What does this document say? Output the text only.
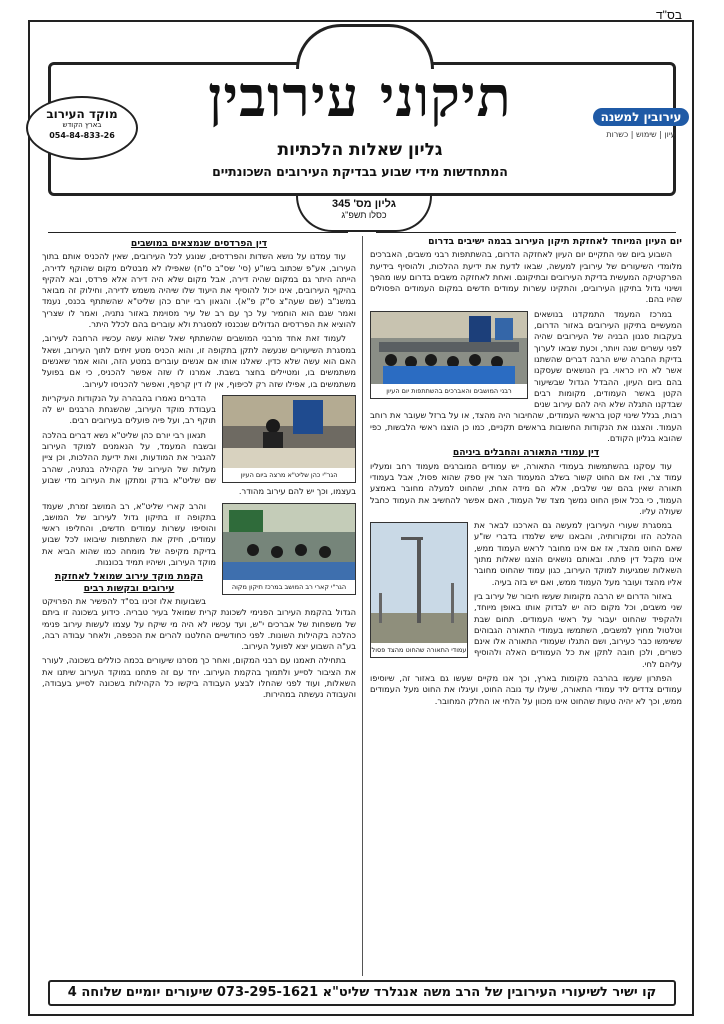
בס"ד
מוקד העירוב
בארץ הקודש
054-84-833-26
עירובין למשנה
עיון | שימוש | כשרות
תיקוני עירובין
גליון שאלות הלכתיות
המתחדשות מידי שבוע בבדיקת העירובים השכונתיים
גליון מס' 345
כסלו תשפ"ג
יום העיון המיוחד לאחזקת תיקון העירוב בבמה ישיבים בדרום

השבוע ביום שני התקיים יום העיון לאחזקה הדרום, בהשתתפות רבני משבים, האברכים מלומדי השיעורים של עירובין למעשה, שבאו לדעת את ידיעת ההלכות, ולהוסיף בידיעת הפרקטיקה המעשית בדיקת העירובים ובתיקונם. ואחת לאחזקה משבים בדרום עשו מהפך ושינוי גדול בתיקון העירובים, והתקינו עשרות עמודים חדשים במקום העמודים הפסולים שהיו בהם.

רבני המושבים והאברכים בהשתתפות יום העיון

במרכז המעמד התמקדנו בנושאים המעשיים בתיקון העירובים באזור הדרום, בעקבות סגנון הבניה של העירובים שהיה לפני עשרים שנה ויותר, וכעת שבאו לערוך בדיקת החברה שיש הרבה דברים שהשתנו אשר לא היו כראוי. בין הנושאים שעסקנו בהם ביום העיון, ההבדל הגדול שבשיעור הקטן באשר העמודים, מקומות רבים שבדקנו התגלה שלא היה להם עירוב שנים רבות, בגלל שינוי קטן בראשי העמודים, שהחיבור היה מהצד, או על ברזל שעובר את רוחב העמוד. והצגנו את הנקודות החשובות בראשים תקניים, כמו כן הוצגו ראשי הלבשות, כפי שהובא בגליון הקודם.

דין עמודי התאורה והחבלים ביניהם

עוד עסקנו בהשתמשות בעמודי התאורה, יש עמודים המוברגים מעמוד רחב ומעליו עמוד צר, ואז אם החוט קשור בשלב המעמוד הצר אין ספק שהוא פסול, אבל בעמודי תאורה שאין בהם שני שלבים, אלא הם מידה אחת, שהחוט למעלה מחובר באמצע העמוד, כי בכל אופן החוט נמשך מצד של העמוד, האם אפשר להחשיב את העמוד כחבל שעולה עליו.

עמודי התאורה שהחוט מהצד פסול

במסגרת שעורי העירובין למעשה גם הארכנו לבאר את ההלכה הזו ומקורותיה, והבאנו שיש שלמדו בדברי שו"ע שאם החוט מהצד, אז אם אינו מחובר לראש העמוד ממש, אינו מקבל דין פתח. ובאותם נושאים הוצגו שאלות מתוך השאלות שמגיעות למוקד העירוב, כגון עמוד שהחוט מחובר אליו מהצד ועובר מעל העמוד ממש, ואם יש בזה בעיה.

באזור הדרום יש הרבה מקומות שעשו חיבור של עירוב בין שני משבים, וכל מקום כזה יש לבדוק אותו באופן מיוחד, ולהקפיד שהחוט יעבור על ראשי העמודים. תחום שבת וטלטול מחוץ למשבים, השתמשו בעמודי התאורה הגבוהים ששימשו כבר כעירוב, ושם התגלו שעמודי התאורה אלו אינם כשרים, ולכן חובה לתקן את כל העמודים האלה ולהוסיף עליהם לחי.

הפתרון שעשו בהרבה מקומות בארץ, וכך אנו מקיים שעשו גם באזור זה, שיוסיפו עמודים צדדים ליד עמודי התאורה, שיעלו עד גובה החוט, ועיגלו את החוט מעל העמודים ממש, וכך לא יהיה טעות שהחוט אינו מכוון על הלחי או החלק המחובר.

דין הפרדסים שנמצאים במושבים

עוד עמדנו על נושא השדות והפרדסים, שנוגע לכל העירובים, שאין להכניס אותם בתוך העירוב, אע"פ שכתוב בשו"ע (סי' שס"ב ס"ח) שאפילו לא מבטלים מקום שהוקף לדירה, הייתה היתר גם במקום שהיה דירה, אבל מקום שלא היה דירה אלא פרדס, ובא להקיף בהיקף העירובים, אינו יכול להוסיף את היעוד שלו שיהיה משמש לדירה, וחילוק זה מבואר במשנ"ב (שם שעה"צ ס"ק פ"א). והגאון רבי יורם כהן שליט"א שהשתתף בכנס, נעמד ואמר שגם הוא הוחמיר על כך עם רב של עיר מסוימת באזור נתניה, ואמר לו שצריך להוציא את הפרדסים הגדולים שנכנסו למסגרת ולא עוברים בהם לכלל היתר.

לעמוד זאת אחד מרבני המושבים שהשתתף שאל שהוא עשה עכשיו הרחבה לעירוב, במסגרת השיעורים שנעשה לתקן בתקופה זו, והוא הכניס מטע זיתים לתוך העירוב, ושאל האם הוא עשה שלא כדין. שאלנו אותו אם אנשים עוברים במטע הזה, והוא אמר שאנשים משתמשים בו, ומטיילים בחצר בשבת. אמרנו לו שזה אפשר להכניס, כי אם בפועל משתמשים בו, אפילו שזה רק לכיפוף, אין לו דין קרפף, ואפשר להכניסו לעירוב.

הגר"י כהן שליט"א מרצה ביום העיון

הדברים נאמרו בהבהרה על הנקודות העיקריות בעבודת מוקד העירוב, שהשגחת הרבנים יש לה תוקף רב, ועל פיה פועלים בעירובים רבים.

תגאון רבי יורם כהן שליט"א נשא דברים בהלכה ובשבח המעמד, על הנאמנים למוקד העירוב להגביר את המודעות, ואת ידיעת ההלכות, וכן ציין מעלות של העירוב של הקהילה בנתניה, שהרב שם שליט"א בודק ומתקן את העירוב מדי שבוע בעצמו, וכך יש להם עירוב מהודר.

הגר"י קארי רב המושב במרכז תיקון מקוה

והרב קארי שליט"א, רב המושב זמרת, שעמד בתקופה זו בתיקון גדול לעירוב של המושב, והוסיפו עשרות עמודים חדשים, והחליפו ראשי עמודים, חיזק את השתתפות שיבואו לכל שבוע בדיקת מקיפה של מומחה כמו שהוא הביא את מוקד העירוב, ושיהיו תמיד בכוננות.

הקמת מוקד עירוב שמואל לאחזקת עירובים ובקשות רבים

בשבועות אלו זכינו בס"ד להפשיר את הפרויקט הגדול בהקמת העירוב הפנימי לשכונת קרית שמואל בעיר טבריה. כידוע בשכונה זו ביתם של משפחות של אברכים י"ש, ועד עכשיו לא היה מי שיקח על עצמו לעשות עירוב פנימי כהלכה בקהילות השונות. לפני כחודשיים החלטנו להרים את הכפפה, ולאחר עבודה רבה, בע"ה השבוע יצא לפועל העירוב.

בתחילה תאמנו עם רבני המקום, ואחר כך מסרנו שיעורים בכמה כוללים בשכונה, לעורר את הציבור לסייע ולתמוך בהקמת העירוב. יחד עם זה פתחנו במוקד העירוב שיתנו את השאלות, ועוד לפני שהחלו לבצע העבודה ביקשו כל הקהילות בשכונה לסייע בעבודה, והעבודה נעשתה במהירות.

קו ישיר לשיעורי העירובין של הרב משה אנגלרד שליט"א 073-295-1621 שיעורים יומיים שלוחה 4
